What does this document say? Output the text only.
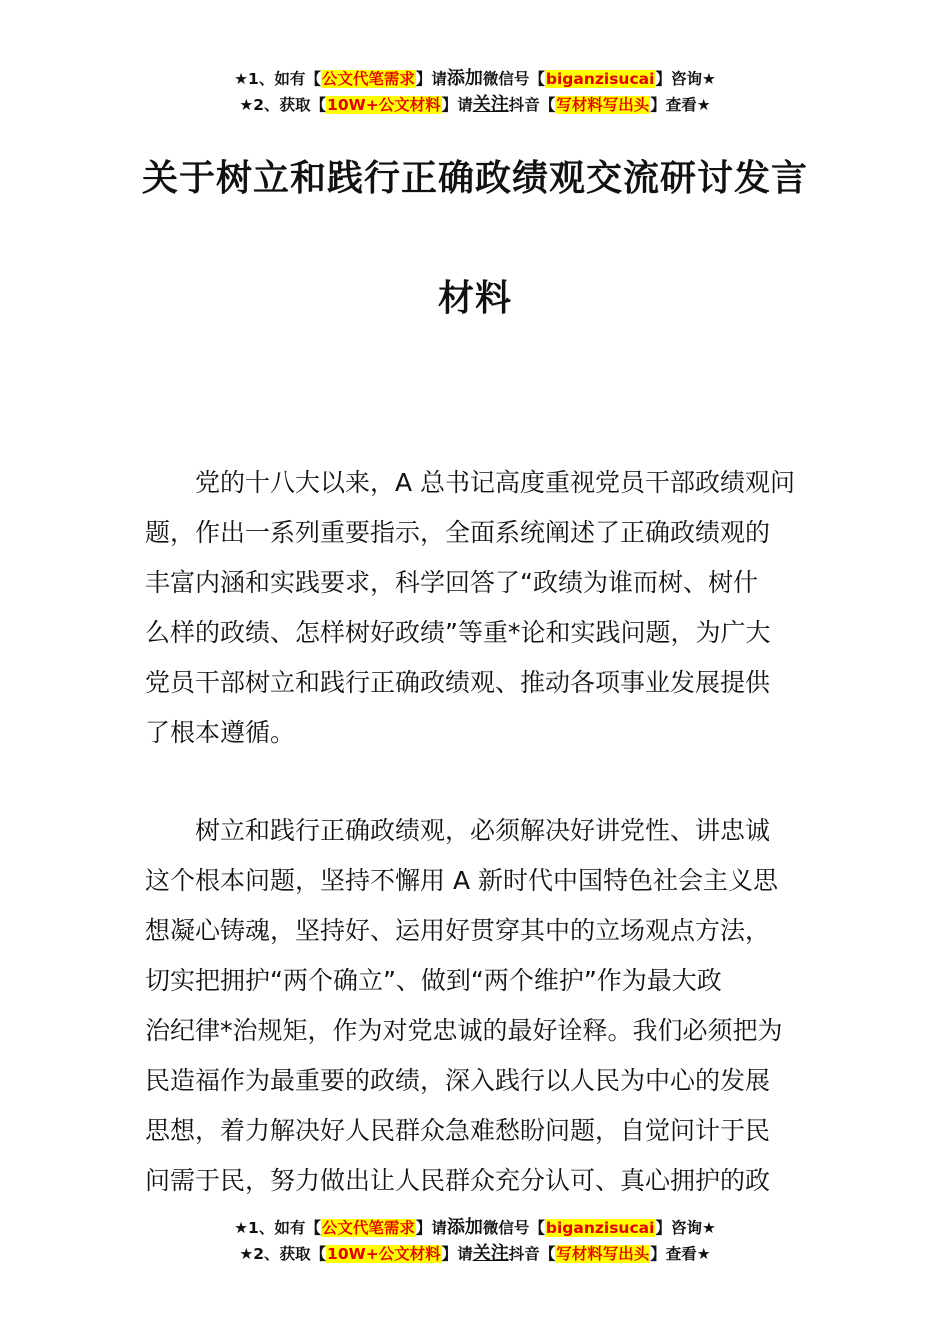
★1、如有【公文代笔需求】请添加微信号【biganzisucai】咨询★
★2、获取【10W+公文材料】请关注抖音【写材料写出头】查看★
关于树立和践行正确政绩观交流研讨发言
材料
党的十八大以来，A 总书记高度重视党员干部政绩观问
题，作出一系列重要指示，全面系统阐述了正确政绩观的
丰富内涵和实践要求，科学回答了“政绩为谁而树、树什
么样的政绩、怎样树好政绩”等重*论和实践问题，为广大
党员干部树立和践行正确政绩观、推动各项事业发展提供
了根本遵循。
树立和践行正确政绩观，必须解决好讲党性、讲忠诚
这个根本问题，坚持不懈用 A 新时代中国特色社会主义思
想凝心铸魂，坚持好、运用好贯穿其中的立场观点方法，
切实把拥护“两个确立”、做到“两个维护”作为最大政
治纪律*治规矩，作为对党忠诚的最好诠释。我们必须把为
民造福作为最重要的政绩，深入践行以人民为中心的发展
思想，着力解决好人民群众急难愁盼问题，自觉问计于民
问需于民，努力做出让人民群众充分认可、真心拥护的政
★1、如有【公文代笔需求】请添加微信号【biganzisucai】咨询★
★2、获取【10W+公文材料】请关注抖音【写材料写出头】查看★
